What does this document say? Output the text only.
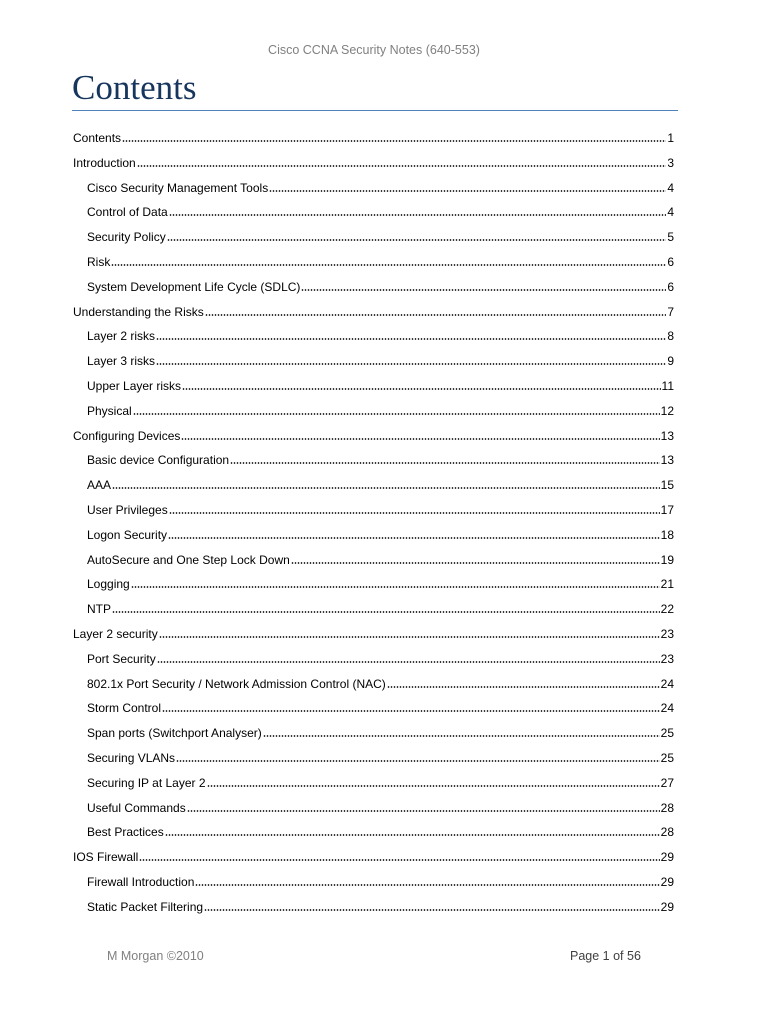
Cisco CCNA Security Notes (640-553)
Contents
Contents	1
Introduction	3
Cisco Security Management Tools	4
Control of Data	4
Security Policy	5
Risk	6
System Development Life Cycle (SDLC)	6
Understanding the Risks	7
Layer 2 risks	8
Layer 3 risks	9
Upper Layer risks	11
Physical	12
Configuring Devices	13
Basic device Configuration	13
AAA	15
User Privileges	17
Logon Security	18
AutoSecure and One Step Lock Down	19
Logging	21
NTP	22
Layer 2 security	23
Port Security	23
802.1x Port Security / Network Admission Control (NAC)	24
Storm Control	24
Span ports (Switchport Analyser)	25
Securing VLANs	25
Securing IP at Layer 2	27
Useful Commands	28
Best Practices	28
IOS Firewall	29
Firewall Introduction	29
Static Packet Filtering	29
M Morgan ©2010	Page 1 of 56
